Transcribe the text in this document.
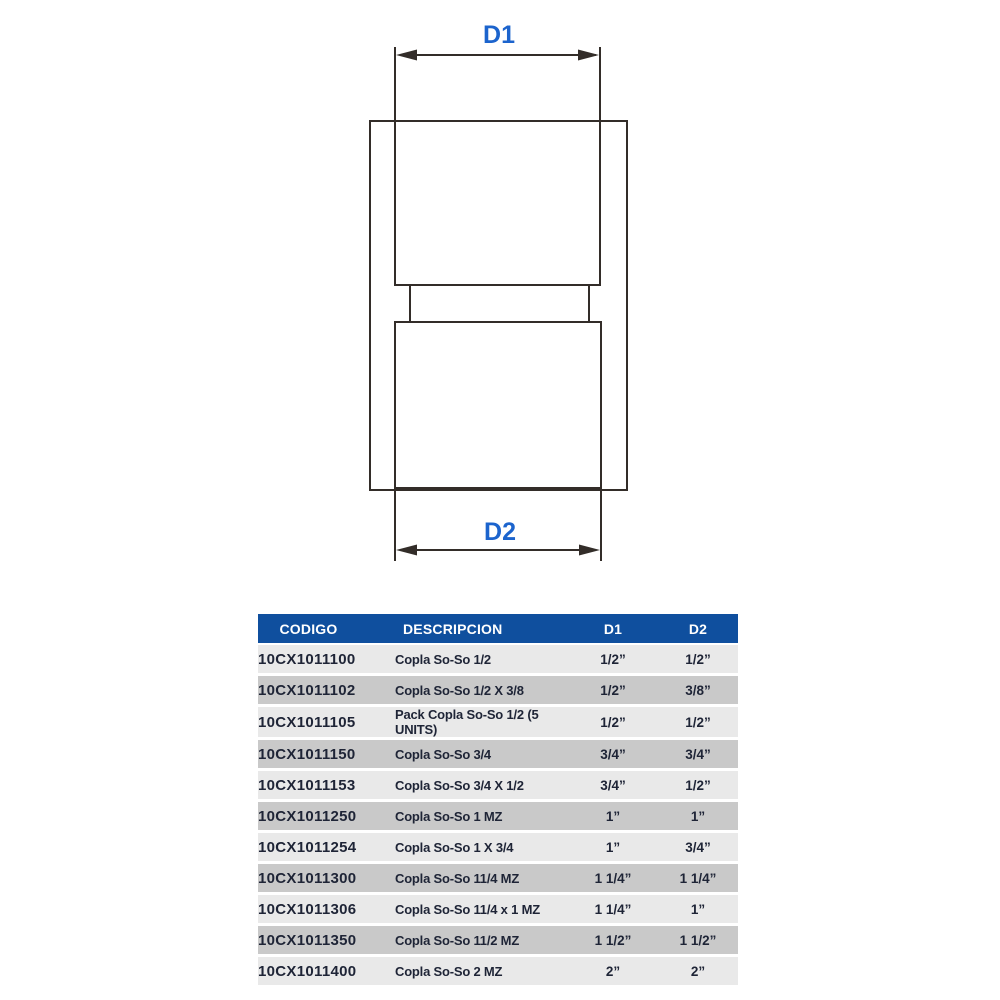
D1
D2
CODIGO	DESCRIPCION	D1	D2
10CX1011100	Copla So-So 1/2	1/2”	1/2”
10CX1011102	Copla So-So 1/2 X 3/8	1/2”	3/8”
10CX1011105	Pack Copla So-So 1/2 (5 UNITS)	1/2”	1/2”
10CX1011150	Copla So-So 3/4	3/4”	3/4”
10CX1011153	Copla So-So 3/4 X 1/2	3/4”	1/2”
10CX1011250	Copla So-So 1 MZ	1”	1”
10CX1011254	Copla So-So 1 X 3/4	1”	3/4”
10CX1011300	Copla So-So 11/4 MZ	1 1/4”	1 1/4”
10CX1011306	Copla So-So 11/4 x 1 MZ	1 1/4”	1”
10CX1011350	Copla So-So 11/2 MZ	1 1/2”	1 1/2”
10CX1011400	Copla So-So 2 MZ	2”	2”
